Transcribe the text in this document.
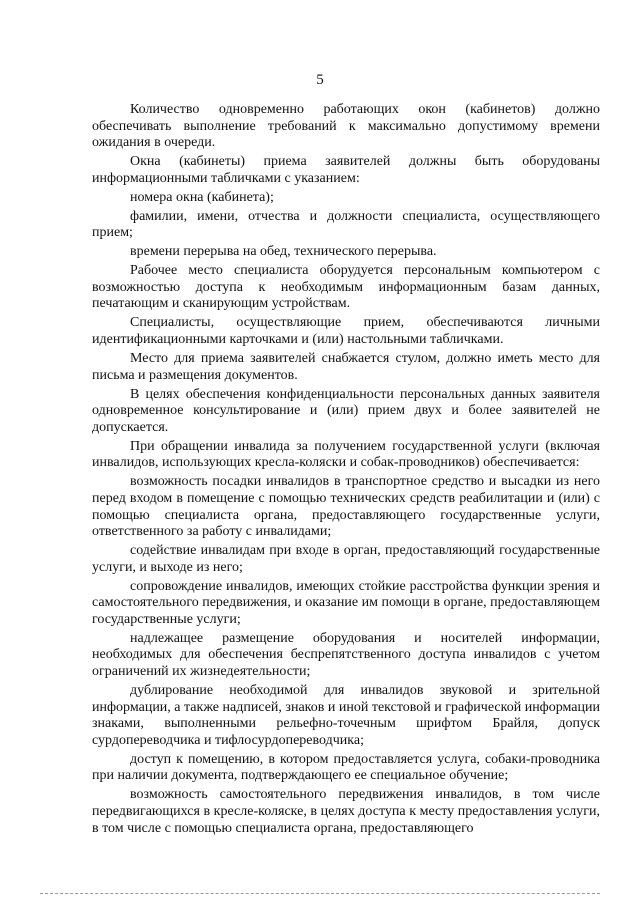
5

Количество одновременно работающих окон (кабинетов) должно обеспечивать выполнение требований к максимально допустимому времени ожидания в очереди.

Окна (кабинеты) приема заявителей должны быть оборудованы информационными табличками с указанием:

номера окна (кабинета);

фамилии, имени, отчества и должности специалиста, осуществляющего прием;

времени перерыва на обед, технического перерыва.

Рабочее место специалиста оборудуется персональным компьютером с возможностью доступа к необходимым информационным базам данных, печатающим и сканирующим устройствам.

Специалисты, осуществляющие прием, обеспечиваются личными идентификационными карточками и (или) настольными табличками.

Место для приема заявителей снабжается стулом, должно иметь место для письма и размещения документов.

В целях обеспечения конфиденциальности персональных данных заявителя одновременное консультирование и (или) прием двух и более заявителей не допускается.

При обращении инвалида за получением государственной услуги (включая инвалидов, использующих кресла-коляски и собак-проводников) обеспечивается:

возможность посадки инвалидов в транспортное средство и высадки из него перед входом в помещение с помощью технических средств реабилитации и (или) с помощью специалиста органа, предоставляющего государственные услуги, ответственного за работу с инвалидами;

содействие инвалидам при входе в орган, предоставляющий государственные услуги, и выходе из него;

сопровождение инвалидов, имеющих стойкие расстройства функции зрения и самостоятельного передвижения, и оказание им помощи в органе, предоставляющем государственные услуги;

надлежащее размещение оборудования и носителей информации, необходимых для обеспечения беспрепятственного доступа инвалидов с учетом ограничений их жизнедеятельности;

дублирование необходимой для инвалидов звуковой и зрительной информации, а также надписей, знаков и иной текстовой и графической информации знаками, выполненными рельефно-точечным шрифтом Брайля, допуск сурдопереводчика и тифлосурдопереводчика;

доступ к помещению, в котором предоставляется услуга, собаки-проводника при наличии документа, подтверждающего ее специальное обучение;

возможность самостоятельного передвижения инвалидов, в том числе передвигающихся в кресле-коляске, в целях доступа к месту предоставления услуги, в том числе с помощью специалиста органа, предоставляющего
